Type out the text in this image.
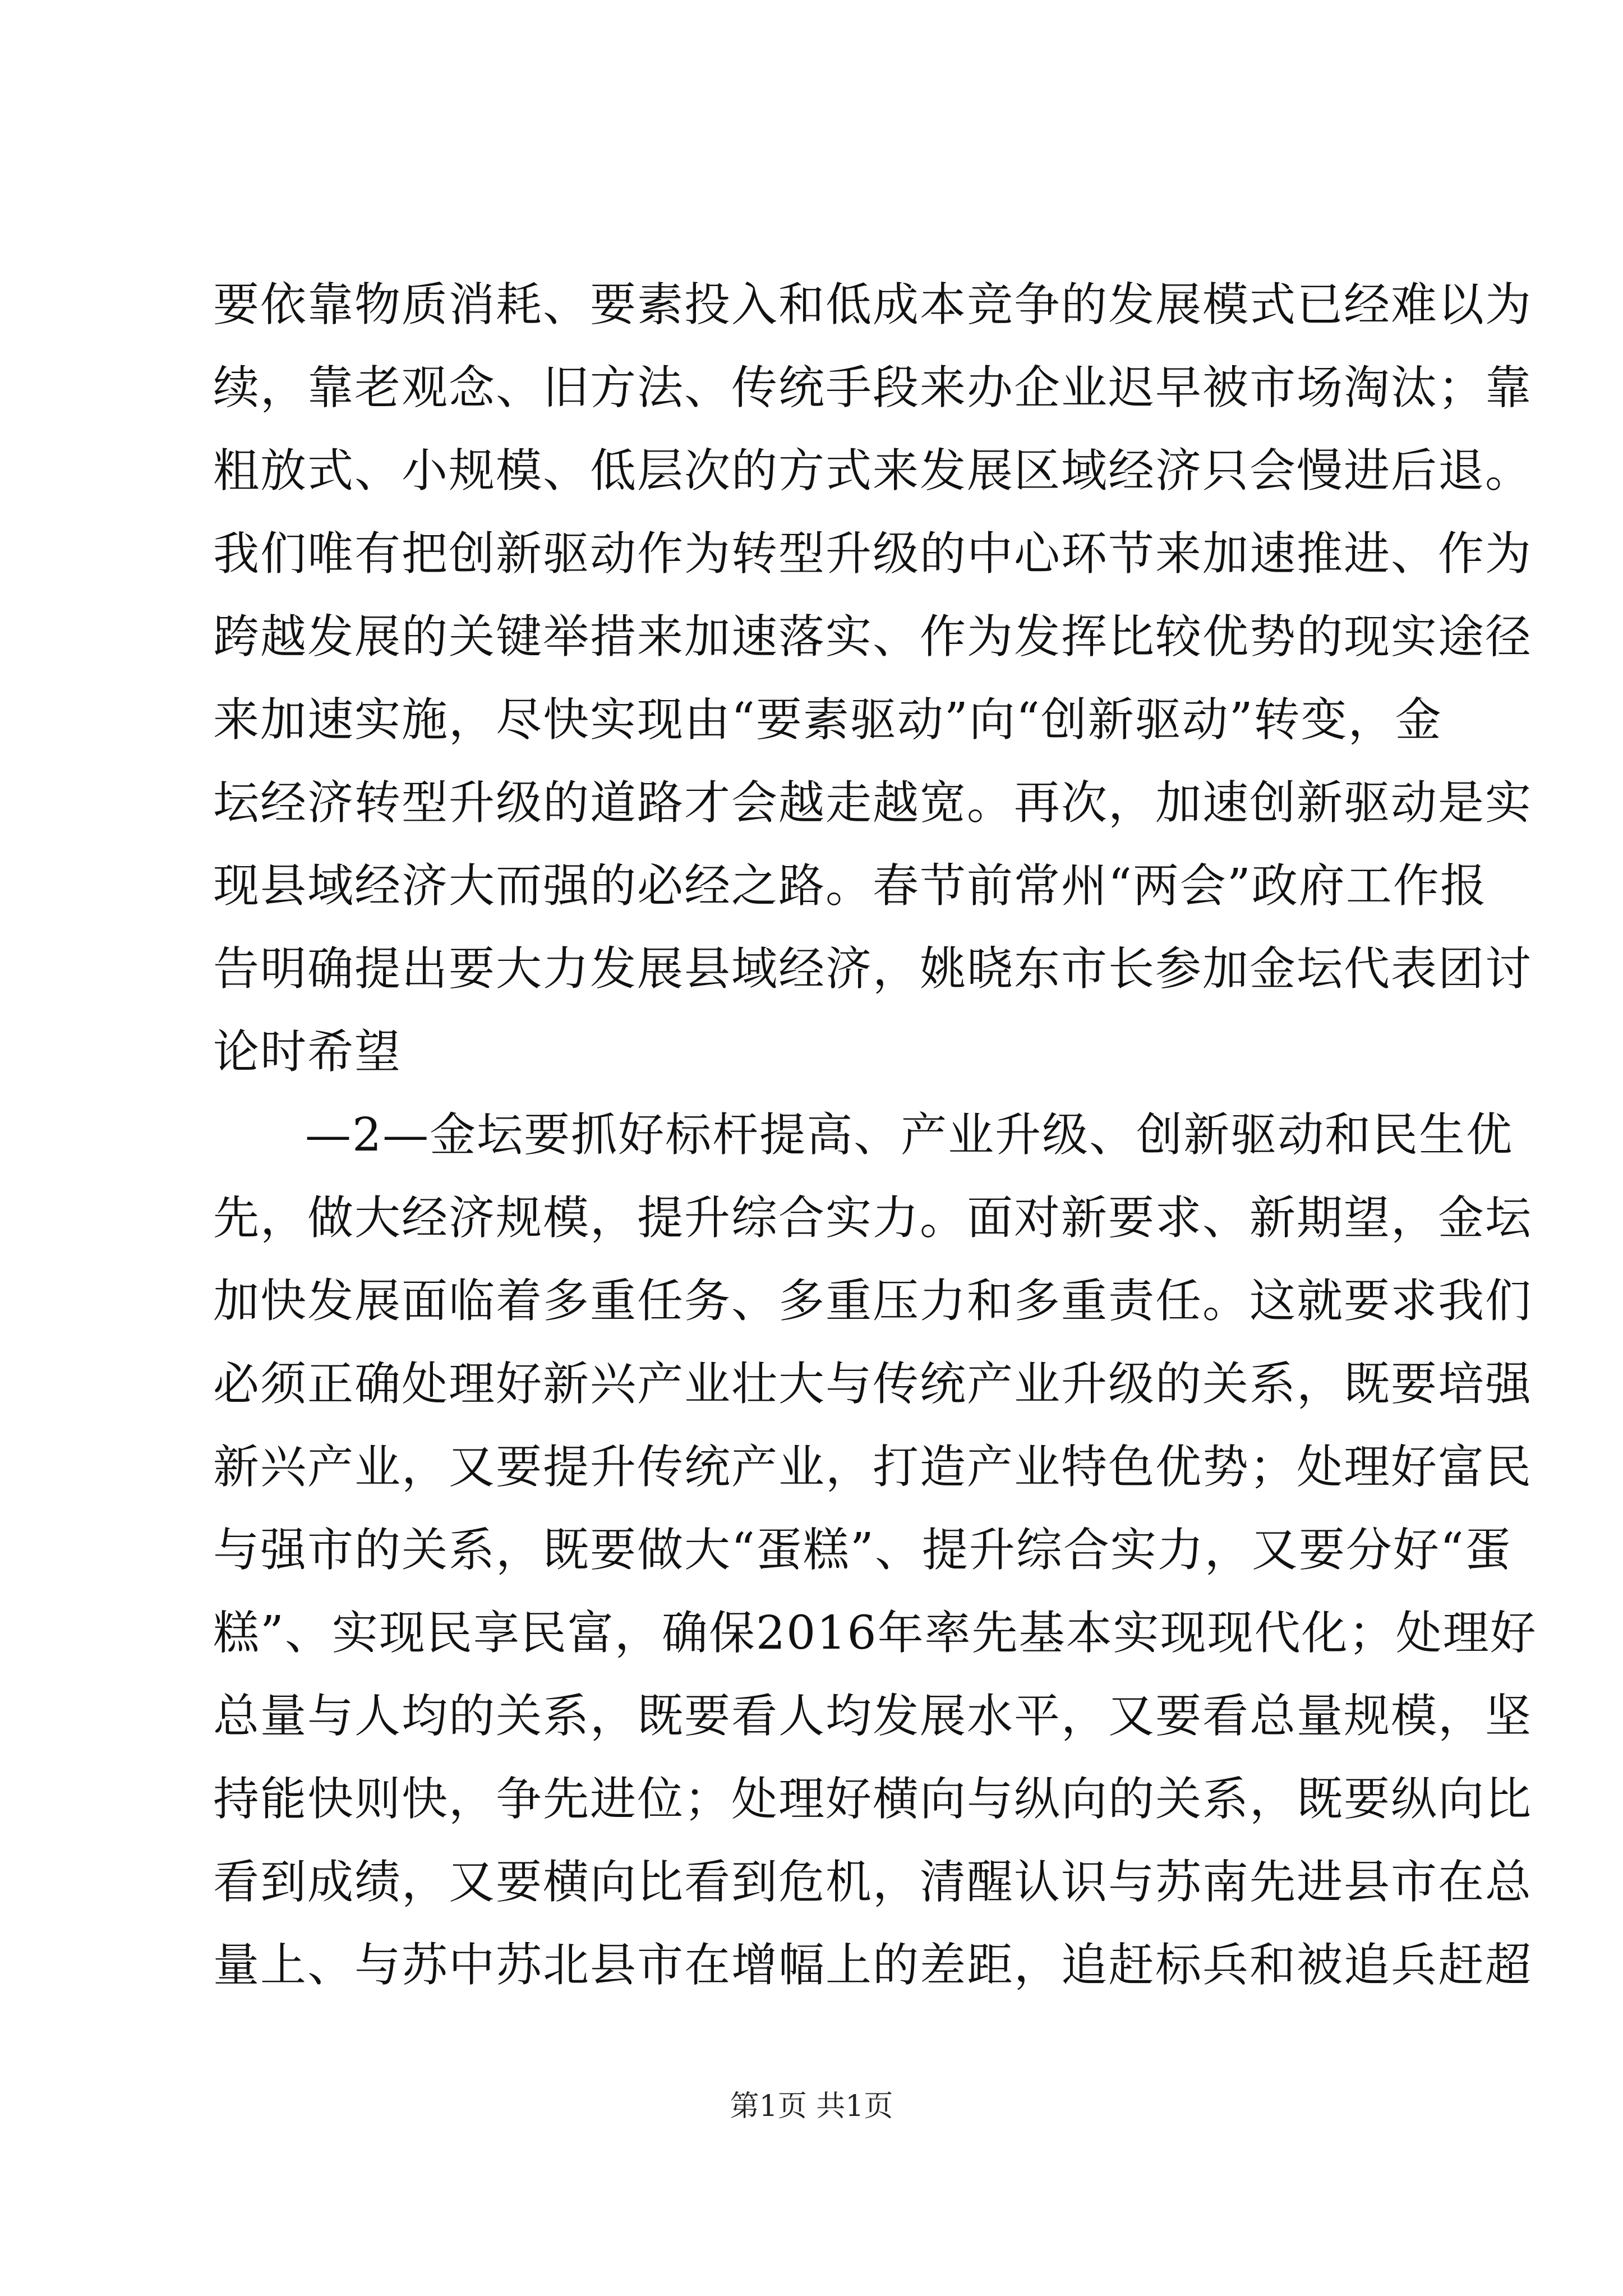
要依靠物质消耗、要素投入和低成本竞争的发展模式已经难以为
续，靠老观念、旧方法、传统手段来办企业迟早被市场淘汰；靠
粗放式、小规模、低层次的方式来发展区域经济只会慢进后退。
我们唯有把创新驱动作为转型升级的中心环节来加速推进、作为
跨越发展的关键举措来加速落实、作为发挥比较优势的现实途径
来加速实施，尽快实现由“要素驱动”向“创新驱动”转变，金
坛经济转型升级的道路才会越走越宽。再次，加速创新驱动是实
现县域经济大而强的必经之路。春节前常州“两会”政府工作报
告明确提出要大力发展县域经济，姚晓东市长参加金坛代表团讨
论时希望
—2—金坛要抓好标杆提高、产业升级、创新驱动和民生优
先，做大经济规模，提升综合实力。面对新要求、新期望，金坛
加快发展面临着多重任务、多重压力和多重责任。这就要求我们
必须正确处理好新兴产业壮大与传统产业升级的关系，既要培强
新兴产业，又要提升传统产业，打造产业特色优势；处理好富民
与强市的关系，既要做大“蛋糕”、提升综合实力，又要分好“蛋
糕”、实现民享民富，确保2016年率先基本实现现代化；处理好
总量与人均的关系，既要看人均发展水平，又要看总量规模，坚
持能快则快，争先进位；处理好横向与纵向的关系，既要纵向比
看到成绩，又要横向比看到危机，清醒认识与苏南先进县市在总
量上、与苏中苏北县市在增幅上的差距，追赶标兵和被追兵赶超
第1页 共1页
